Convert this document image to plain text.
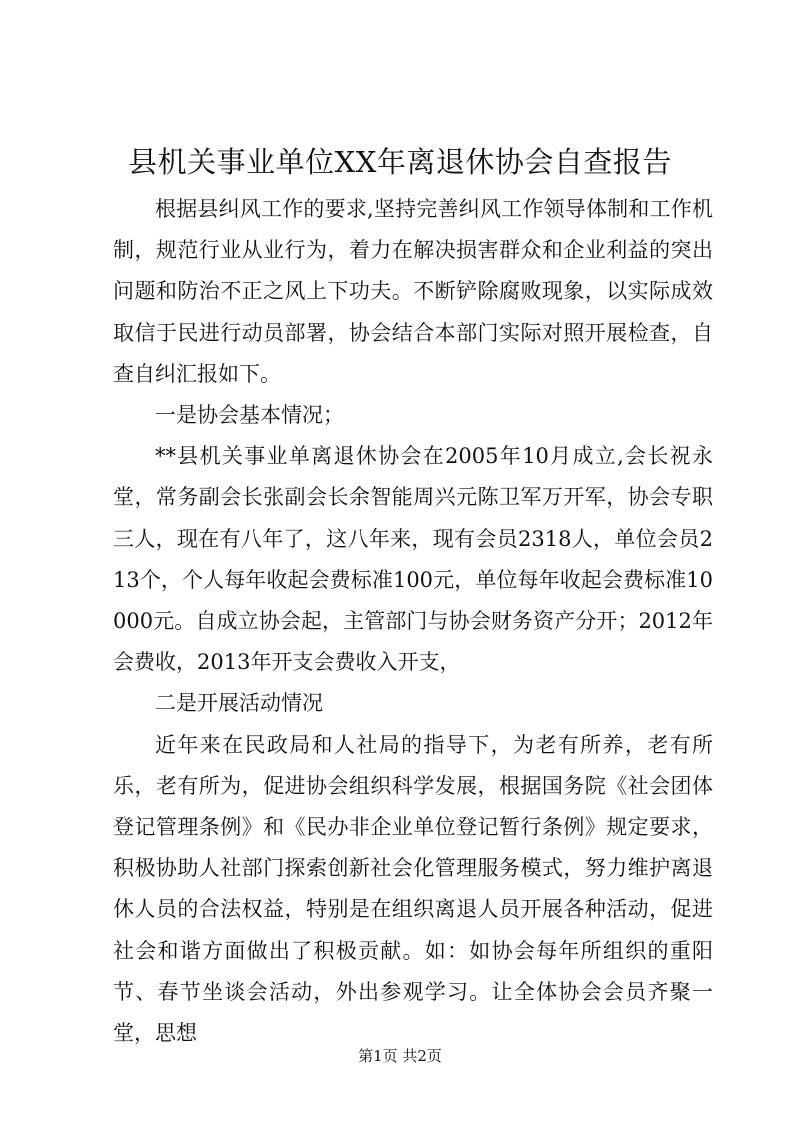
县机关事业单位XX年离退休协会自查报告

根据县纠风工作的要求,坚持完善纠风工作领导体制和工作机制，规范行业从业行为，着力在解决损害群众和企业利益的突出问题和防治不正之风上下功夫。不断铲除腐败现象，以实际成效取信于民进行动员部署，协会结合本部门实际对照开展检查，自查自纠汇报如下。

一是协会基本情况；

**县机关事业单离退休协会在2005年10月成立,会长祝永堂，常务副会长张副会长余智能周兴元陈卫军万开军，协会专职三人，现在有八年了，这八年来，现有会员2318人，单位会员213个，个人每年收起会费标准100元，单位每年收起会费标准10000元。自成立协会起，主管部门与协会财务资产分开；2012年会费收，2013年开支会费收入开支，

二是开展活动情况

近年来在民政局和人社局的指导下，为老有所养，老有所乐，老有所为，促进协会组织科学发展，根据国务院《社会团体登记管理条例》和《民办非企业单位登记暂行条例》规定要求，积极协助人社部门探索创新社会化管理服务模式，努力维护离退休人员的合法权益，特别是在组织离退人员开展各种活动，促进社会和谐方面做出了积极贡献。如：如协会每年所组织的重阳节、春节坐谈会活动，外出参观学习。让全体协会会员齐聚一堂，思想

第1页 共2页
